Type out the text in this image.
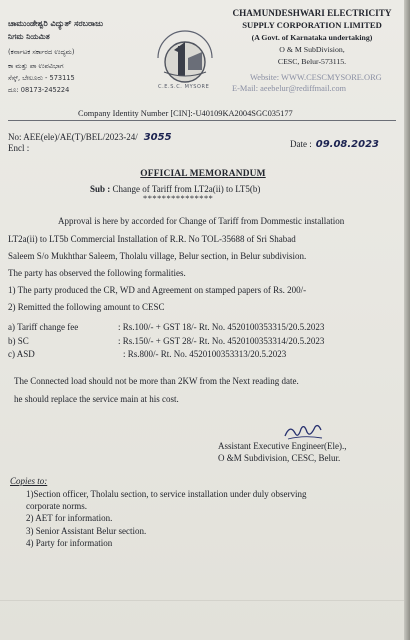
ಚಾಮುಂಡೇಶ್ವರಿ ವಿದ್ಯುತ್ ಸರಬರಾಜು
ನಿಗಮ ನಿಯಮಿತ
(ಕರ್ನಾಟಕ ಸರ್ಕಾರದ ಉದ್ಯಮ)
ಕಾ ಮತ್ತು ಪಾ ಉಪವಿಭಾಗ
ಸೆಸ್ಕ್, ಬೇಲೂರು - 573115
ದೂ: 08173-245224	C.E.S.C. MYSORE
CHAMUNDESHWARI ELECTRICITY
SUPPLY CORPORATION LIMITED
(A Govt. of Karnataka undertaking)
O & M SubDivision,
CESC, Belur-573115.
Website: WWW.CESCMYSORE.ORG
E-Mail: aeebelur@rediffmail.com
Company Identity Number [CIN]:-U40109KA2004SGC035177
No: AEE(ele)/AE(T)/BEL/2023-24/ 3055
Encl :	Date : 09.08.2023
OFFICIAL MEMORANDUM
Sub : Change of Tariff from LT2a(ii) to LT5(b)
***************
Approval is here by accorded for Change of Tariff from Dommestic installation
LT2a(ii) to LT5b Commercial Installation of R.R. No TOL-35688 of Sri Shabad
Saleem S/o Mukhthar Saleem, Tholalu village, Belur section, in Belur subdivision.
The party has observed the following formalities.
1) The party produced the CR, WD and Agreement on stamped papers of Rs. 200/-
2) Remitted the following amount to CESC
a) Tariff change fee	: Rs.100/- + GST 18/- Rt. No. 4520100353315/20.5.2023
b) SC	: Rs.150/- + GST 28/- Rt. No. 4520100353314/20.5.2023
c) ASD	: Rs.800/- Rt. No. 4520100353313/20.5.2023
The Connected load should not be more than 2KW from the Next reading date.
he should replace the service main at his cost.
Assistant Executive Engineer(Ele).,
O &M Subdivision, CESC, Belur.
Copies to:
1)Section officer, Tholalu section, to service installation under duly observing
corporate norms.
2) AET for information.
3) Senior Assistant Belur section.
4) Party for information
